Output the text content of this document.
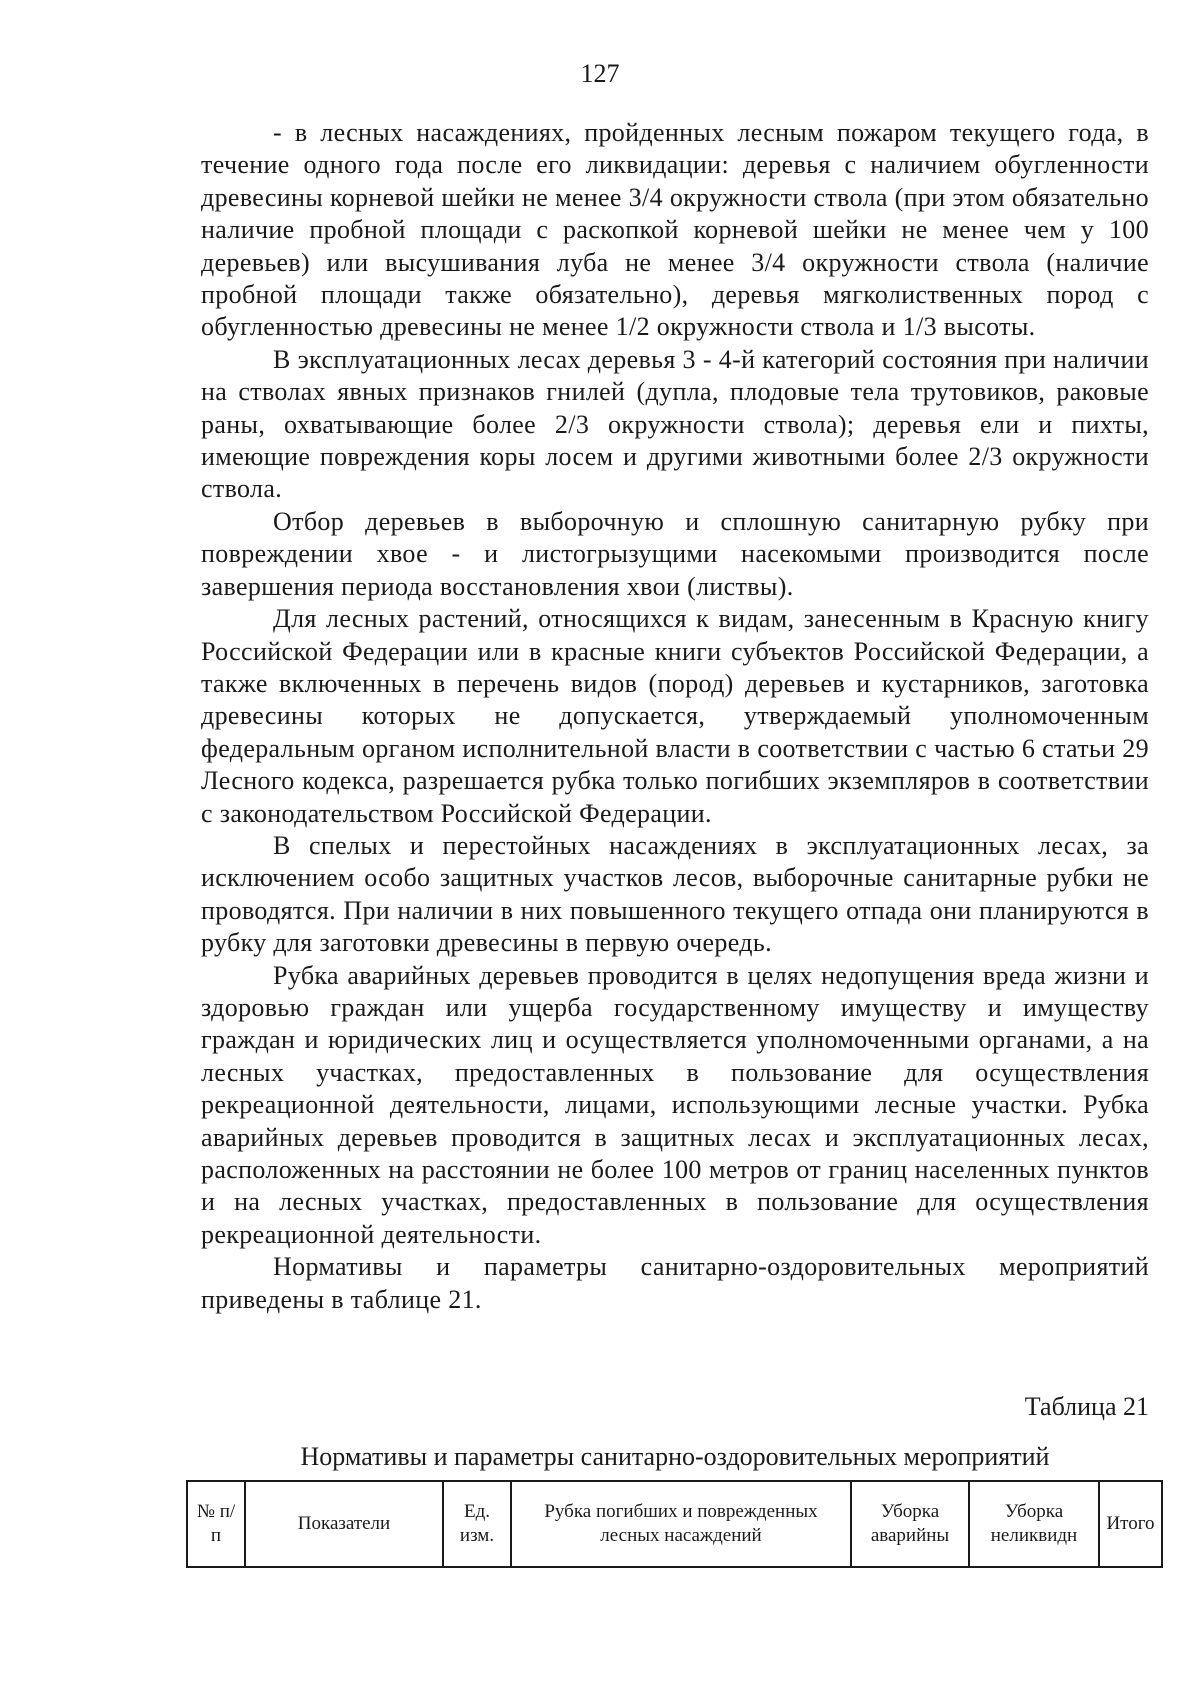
127

- в лесных насаждениях, пройденных лесным пожаром текущего года, в течение одного года после его ликвидации: деревья с наличием обугленности древесины корневой шейки не менее 3/4 окружности ствола (при этом обязательно наличие пробной площади с раскопкой корневой шейки не менее чем у 100 деревьев) или высушивания луба не менее 3/4 окружности ствола (наличие пробной площади также обязательно), деревья мягколиственных пород с обугленностью древесины не менее 1/2 окружности ствола и 1/3 высоты.

В эксплуатационных лесах деревья 3 - 4-й категорий состояния при наличии на стволах явных признаков гнилей (дупла, плодовые тела трутовиков, раковые раны, охватывающие более 2/3 окружности ствола); деревья ели и пихты, имеющие повреждения коры лосем и другими животными более 2/3 окружности ствола.

Отбор деревьев в выборочную и сплошную санитарную рубку при повреждении хвое - и листогрызущими насекомыми производится после завершения периода восстановления хвои (листвы).

Для лесных растений, относящихся к видам, занесенным в Красную книгу Российской Федерации или в красные книги субъектов Российской Федерации, а также включенных в перечень видов (пород) деревьев и кустарников, заготовка древесины которых не допускается, утверждаемый уполномоченным федеральным органом исполнительной власти в соответствии с частью 6 статьи 29 Лесного кодекса, разрешается рубка только погибших экземпляров в соответствии с законодательством Российской Федерации.

В спелых и перестойных насаждениях в эксплуатационных лесах, за исключением особо защитных участков лесов, выборочные санитарные рубки не проводятся. При наличии в них повышенного текущего отпада они планируются в рубку для заготовки древесины в первую очередь.

Рубка аварийных деревьев проводится в целях недопущения вреда жизни и здоровью граждан или ущерба государственному имуществу и имуществу граждан и юридических лиц и осуществляется уполномоченными органами, а на лесных участках, предоставленных в пользование для осуществления рекреационной деятельности, лицами, использующими лесные участки. Рубка аварийных деревьев проводится в защитных лесах и эксплуатационных лесах, расположенных на расстоянии не более 100 метров от границ населенных пунктов и на лесных участках, предоставленных в пользование для осуществления рекреационной деятельности.

Нормативы и параметры санитарно-оздоровительных мероприятий приведены в таблице 21.

Таблица 21
Нормативы и параметры санитарно-оздоровительных мероприятий
№ п/п	Показатели	Ед. изм.	Рубка погибших и поврежденных лесных насаждений	Уборка аварийны	Уборка неликвидн	Итого
